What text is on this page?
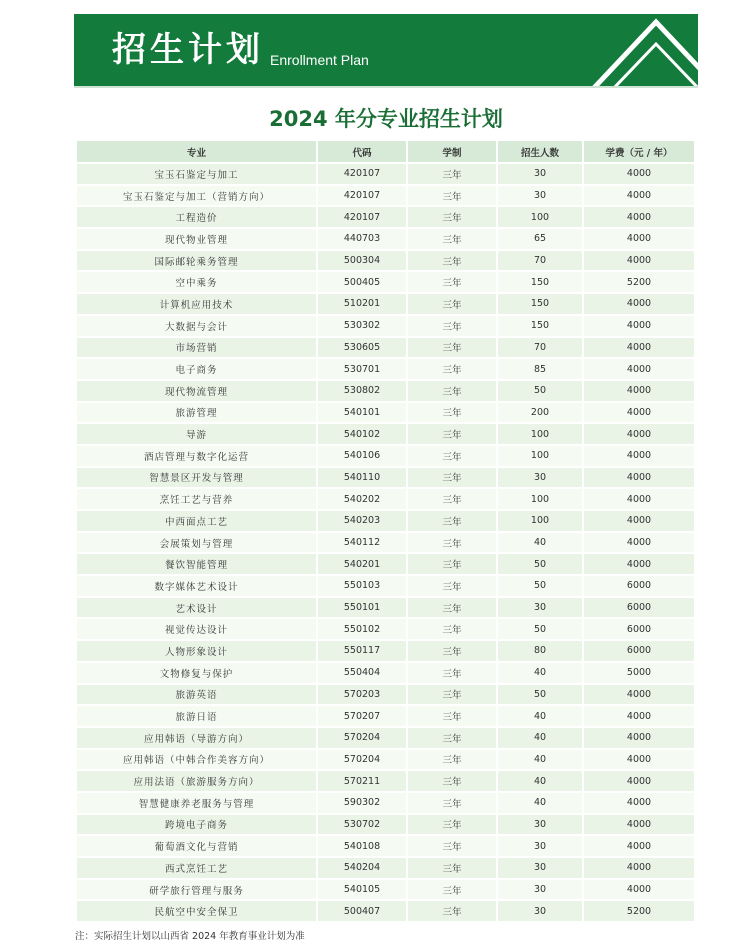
招生计划 Enrollment Plan
2024 年分专业招生计划
专业	代码	学制	招生人数	学费（元 / 年）
宝玉石鉴定与加工	420107	三年	30	4000
宝玉石鉴定与加工（营销方向）	420107	三年	30	4000
工程造价	420107	三年	100	4000
现代物业管理	440703	三年	65	4000
国际邮轮乘务管理	500304	三年	70	4000
空中乘务	500405	三年	150	5200
计算机应用技术	510201	三年	150	4000
大数据与会计	530302	三年	150	4000
市场营销	530605	三年	70	4000
电子商务	530701	三年	85	4000
现代物流管理	530802	三年	50	4000
旅游管理	540101	三年	200	4000
导游	540102	三年	100	4000
酒店管理与数字化运营	540106	三年	100	4000
智慧景区开发与管理	540110	三年	30	4000
烹饪工艺与营养	540202	三年	100	4000
中西面点工艺	540203	三年	100	4000
会展策划与管理	540112	三年	40	4000
餐饮智能管理	540201	三年	50	4000
数字媒体艺术设计	550103	三年	50	6000
艺术设计	550101	三年	30	6000
视觉传达设计	550102	三年	50	6000
人物形象设计	550117	三年	80	6000
文物修复与保护	550404	三年	40	5000
旅游英语	570203	三年	50	4000
旅游日语	570207	三年	40	4000
应用韩语（导游方向）	570204	三年	40	4000
应用韩语（中韩合作美容方向）	570204	三年	40	4000
应用法语（旅游服务方向）	570211	三年	40	4000
智慧健康养老服务与管理	590302	三年	40	4000
跨境电子商务	530702	三年	30	4000
葡萄酒文化与营销	540108	三年	30	4000
西式烹饪工艺	540204	三年	30	4000
研学旅行管理与服务	540105	三年	30	4000
民航空中安全保卫	500407	三年	30	5200
注：实际招生计划以山西省 2024 年教育事业计划为准
